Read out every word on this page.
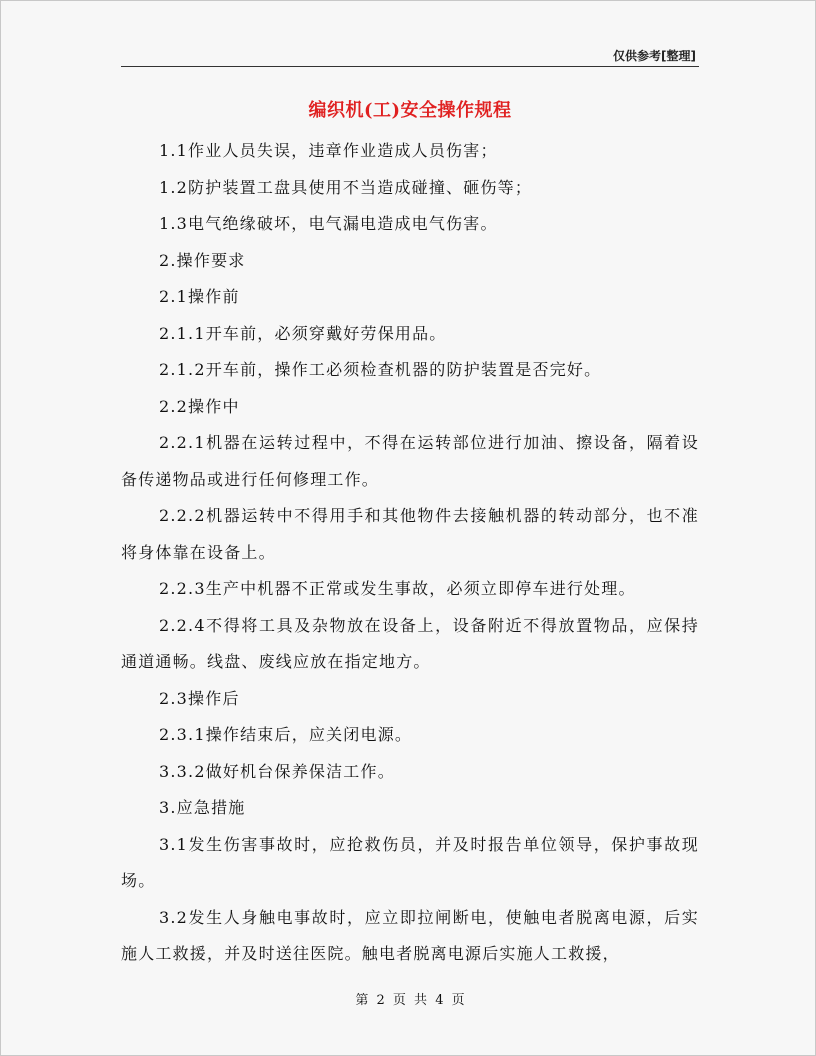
仅供参考[整理]
编织机(工)安全操作规程

1.1作业人员失误，违章作业造成人员伤害；

1.2防护装置工盘具使用不当造成碰撞、砸伤等；

1.3电气绝缘破坏，电气漏电造成电气伤害。

2.操作要求

2.1操作前

2.1.1开车前，必须穿戴好劳保用品。

2.1.2开车前，操作工必须检查机器的防护装置是否完好。

2.2操作中

2.2.1机器在运转过程中，不得在运转部位进行加油、擦设备，隔着设备传递物品或进行任何修理工作。

2.2.2机器运转中不得用手和其他物件去接触机器的转动部分，也不准将身体靠在设备上。

2.2.3生产中机器不正常或发生事故，必须立即停车进行处理。

2.2.4不得将工具及杂物放在设备上，设备附近不得放置物品，应保持通道通畅。线盘、废线应放在指定地方。

2.3操作后

2.3.1操作结束后，应关闭电源。

3.3.2做好机台保养保洁工作。

3.应急措施

3.1发生伤害事故时，应抢救伤员，并及时报告单位领导，保护事故现场。

3.2发生人身触电事故时，应立即拉闸断电，使触电者脱离电源，后实施人工救援，并及时送往医院。触电者脱离电源后实施人工救援，

第 2 页 共 4 页
